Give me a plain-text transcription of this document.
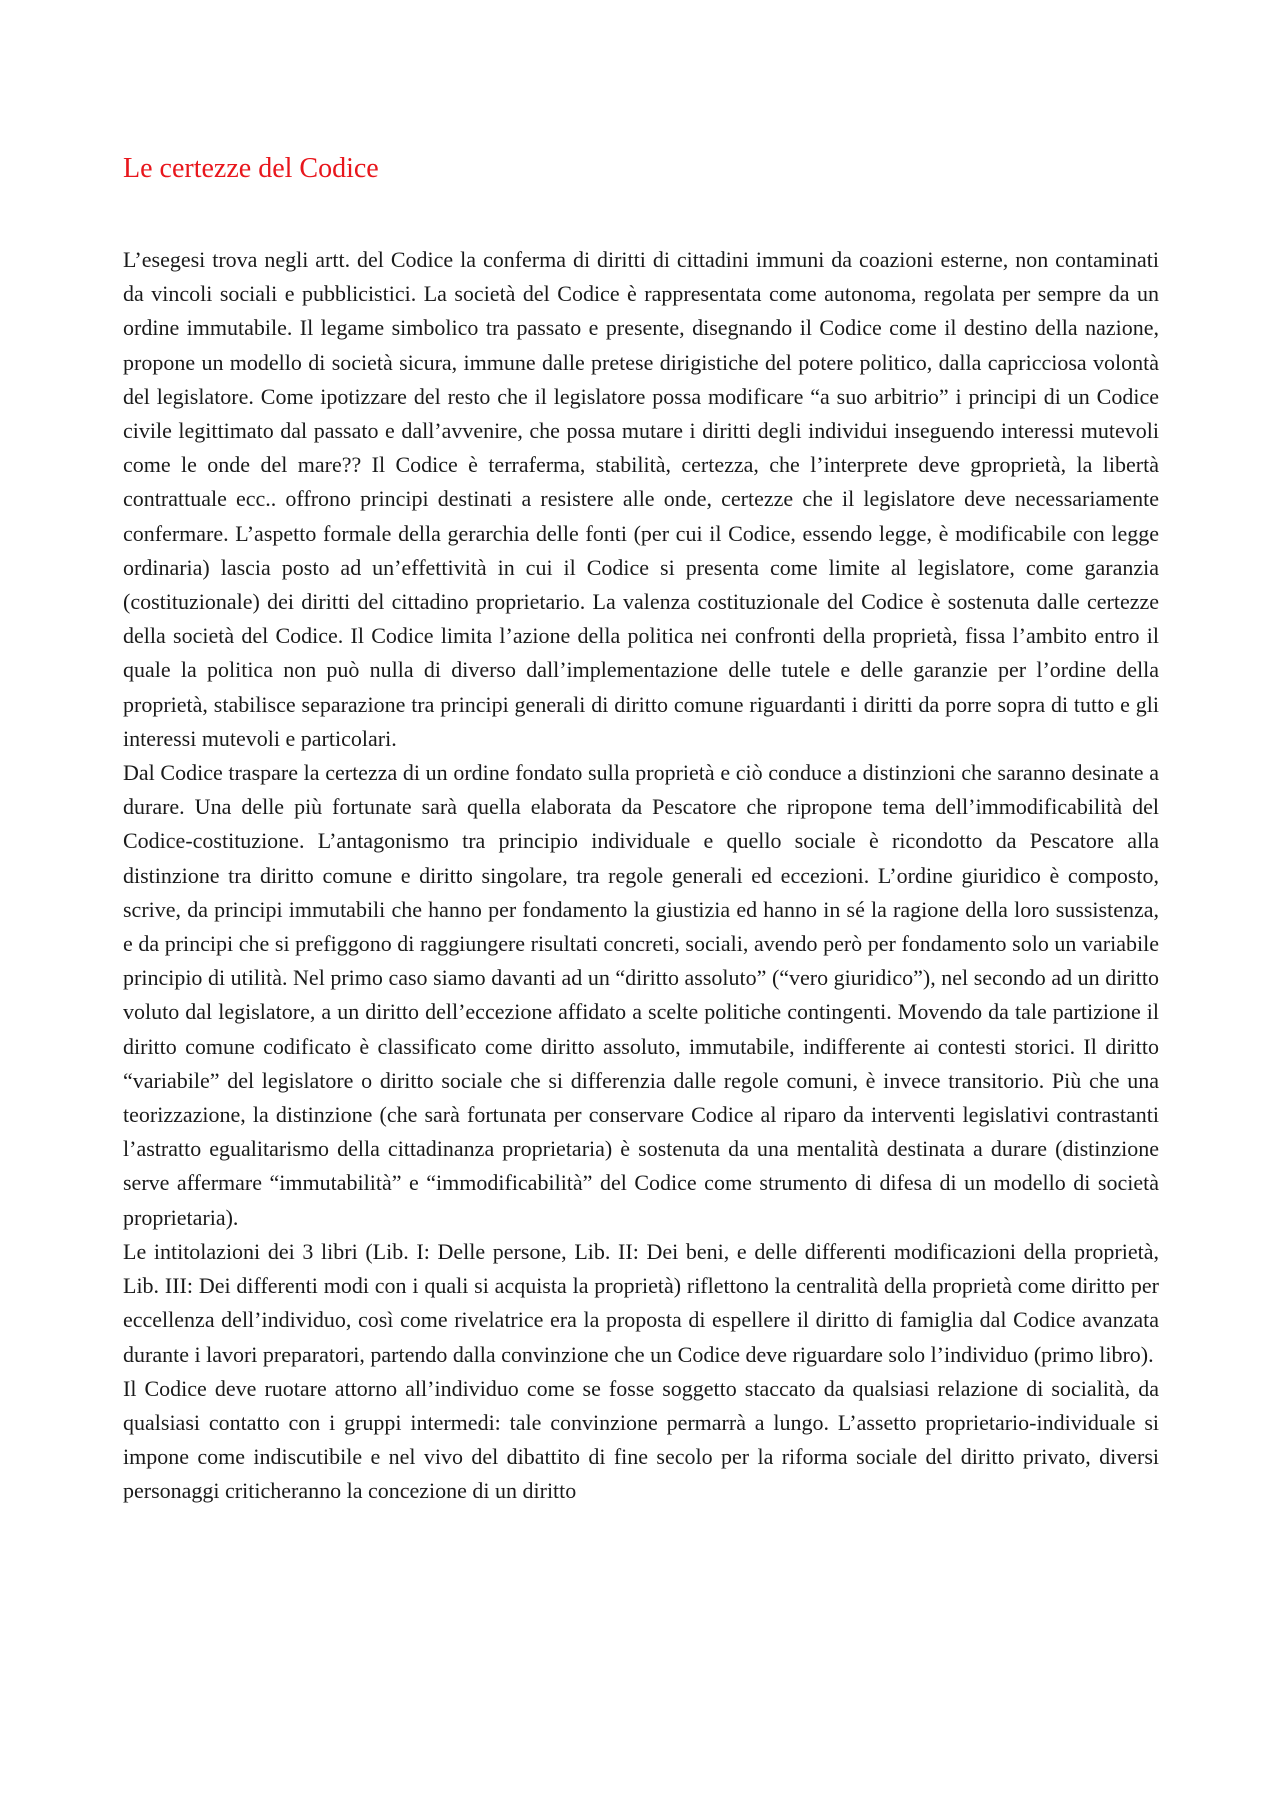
Le certezze del Codice

L’esegesi trova negli artt. del Codice la conferma di diritti di cittadini immuni da coazioni esterne, non contaminati da vincoli sociali e pubblicistici. La società del Codice è rappresentata come autonoma, regolata per sempre da un ordine immutabile. Il legame simbolico tra passato e presente, disegnando il Codice come il destino della nazione, propone un modello di società sicura, immune dalle pretese dirigistiche del potere politico, dalla capricciosa volontà del legislatore. Come ipotizzare del resto che il legislatore possa modificare “a suo arbitrio” i principi di un Codice civile legittimato dal passato e dall’avvenire, che possa mutare i diritti degli individui inseguendo interessi mutevoli come le onde del mare?? Il Codice è terraferma, stabilità, certezza, che l’interprete deve gproprietà, la libertà contrattuale ecc.. offrono principi destinati a resistere alle onde, certezze che il legislatore deve necessariamente confermare. L’aspetto formale della gerarchia delle fonti (per cui il Codice, essendo legge, è modificabile con legge ordinaria) lascia posto ad un’effettività in cui il Codice si presenta come limite al legislatore, come garanzia (costituzionale) dei diritti del cittadino proprietario. La valenza costituzionale del Codice è sostenuta dalle certezze della società del Codice. Il Codice limita l’azione della politica nei confronti della proprietà, fissa l’ambito entro il quale la politica non può nulla di diverso dall’implementazione delle tutele e delle garanzie per l’ordine della proprietà, stabilisce separazione tra principi generali di diritto comune riguardanti i diritti da porre sopra di tutto e gli interessi mutevoli e particolari.

Dal Codice traspare la certezza di un ordine fondato sulla proprietà e ciò conduce a distinzioni che saranno desinate a durare. Una delle più fortunate sarà quella elaborata da Pescatore che ripropone tema dell’immodificabilità del Codice-costituzione. L’antagonismo tra principio individuale e quello sociale è ricondotto da Pescatore alla distinzione tra diritto comune e diritto singolare, tra regole generali ed eccezioni. L’ordine giuridico è composto, scrive, da principi immutabili che hanno per fondamento la giustizia ed hanno in sé la ragione della loro sussistenza, e da principi che si prefiggono di raggiungere risultati concreti, sociali, avendo però per fondamento solo un variabile principio di utilità. Nel primo caso siamo davanti ad un “diritto assoluto” (“vero giuridico”), nel secondo ad un diritto voluto dal legislatore, a un diritto dell’eccezione affidato a scelte politiche contingenti. Movendo da tale partizione il diritto comune codificato è classificato come diritto assoluto, immutabile, indifferente ai contesti storici. Il diritto “variabile” del legislatore o diritto sociale che si differenzia dalle regole comuni, è invece transitorio. Più che una teorizzazione, la distinzione (che sarà fortunata per conservare Codice al riparo da interventi legislativi contrastanti l’astratto egualitarismo della cittadinanza proprietaria) è sostenuta da una mentalità destinata a durare (distinzione serve affermare “immutabilità” e “immodificabilità” del Codice come strumento di difesa di un modello di società proprietaria).

Le intitolazioni dei 3 libri (Lib. I: Delle persone, Lib. II: Dei beni, e delle differenti modificazioni della proprietà, Lib. III: Dei differenti modi con i quali si acquista la proprietà) riflettono la centralità della proprietà come diritto per eccellenza dell’individuo, così come rivelatrice era la proposta di espellere il diritto di famiglia dal Codice avanzata durante i lavori preparatori, partendo dalla convinzione che un Codice deve riguardare solo l’individuo (primo libro).

Il Codice deve ruotare attorno all’individuo come se fosse soggetto staccato da qualsiasi relazione di socialità, da qualsiasi contatto con i gruppi intermedi: tale convinzione permarrà a lungo. L’assetto proprietario-individuale si impone come indiscutibile e nel vivo del dibattito di fine secolo per la riforma sociale del diritto privato, diversi personaggi criticheranno la concezione di un diritto
